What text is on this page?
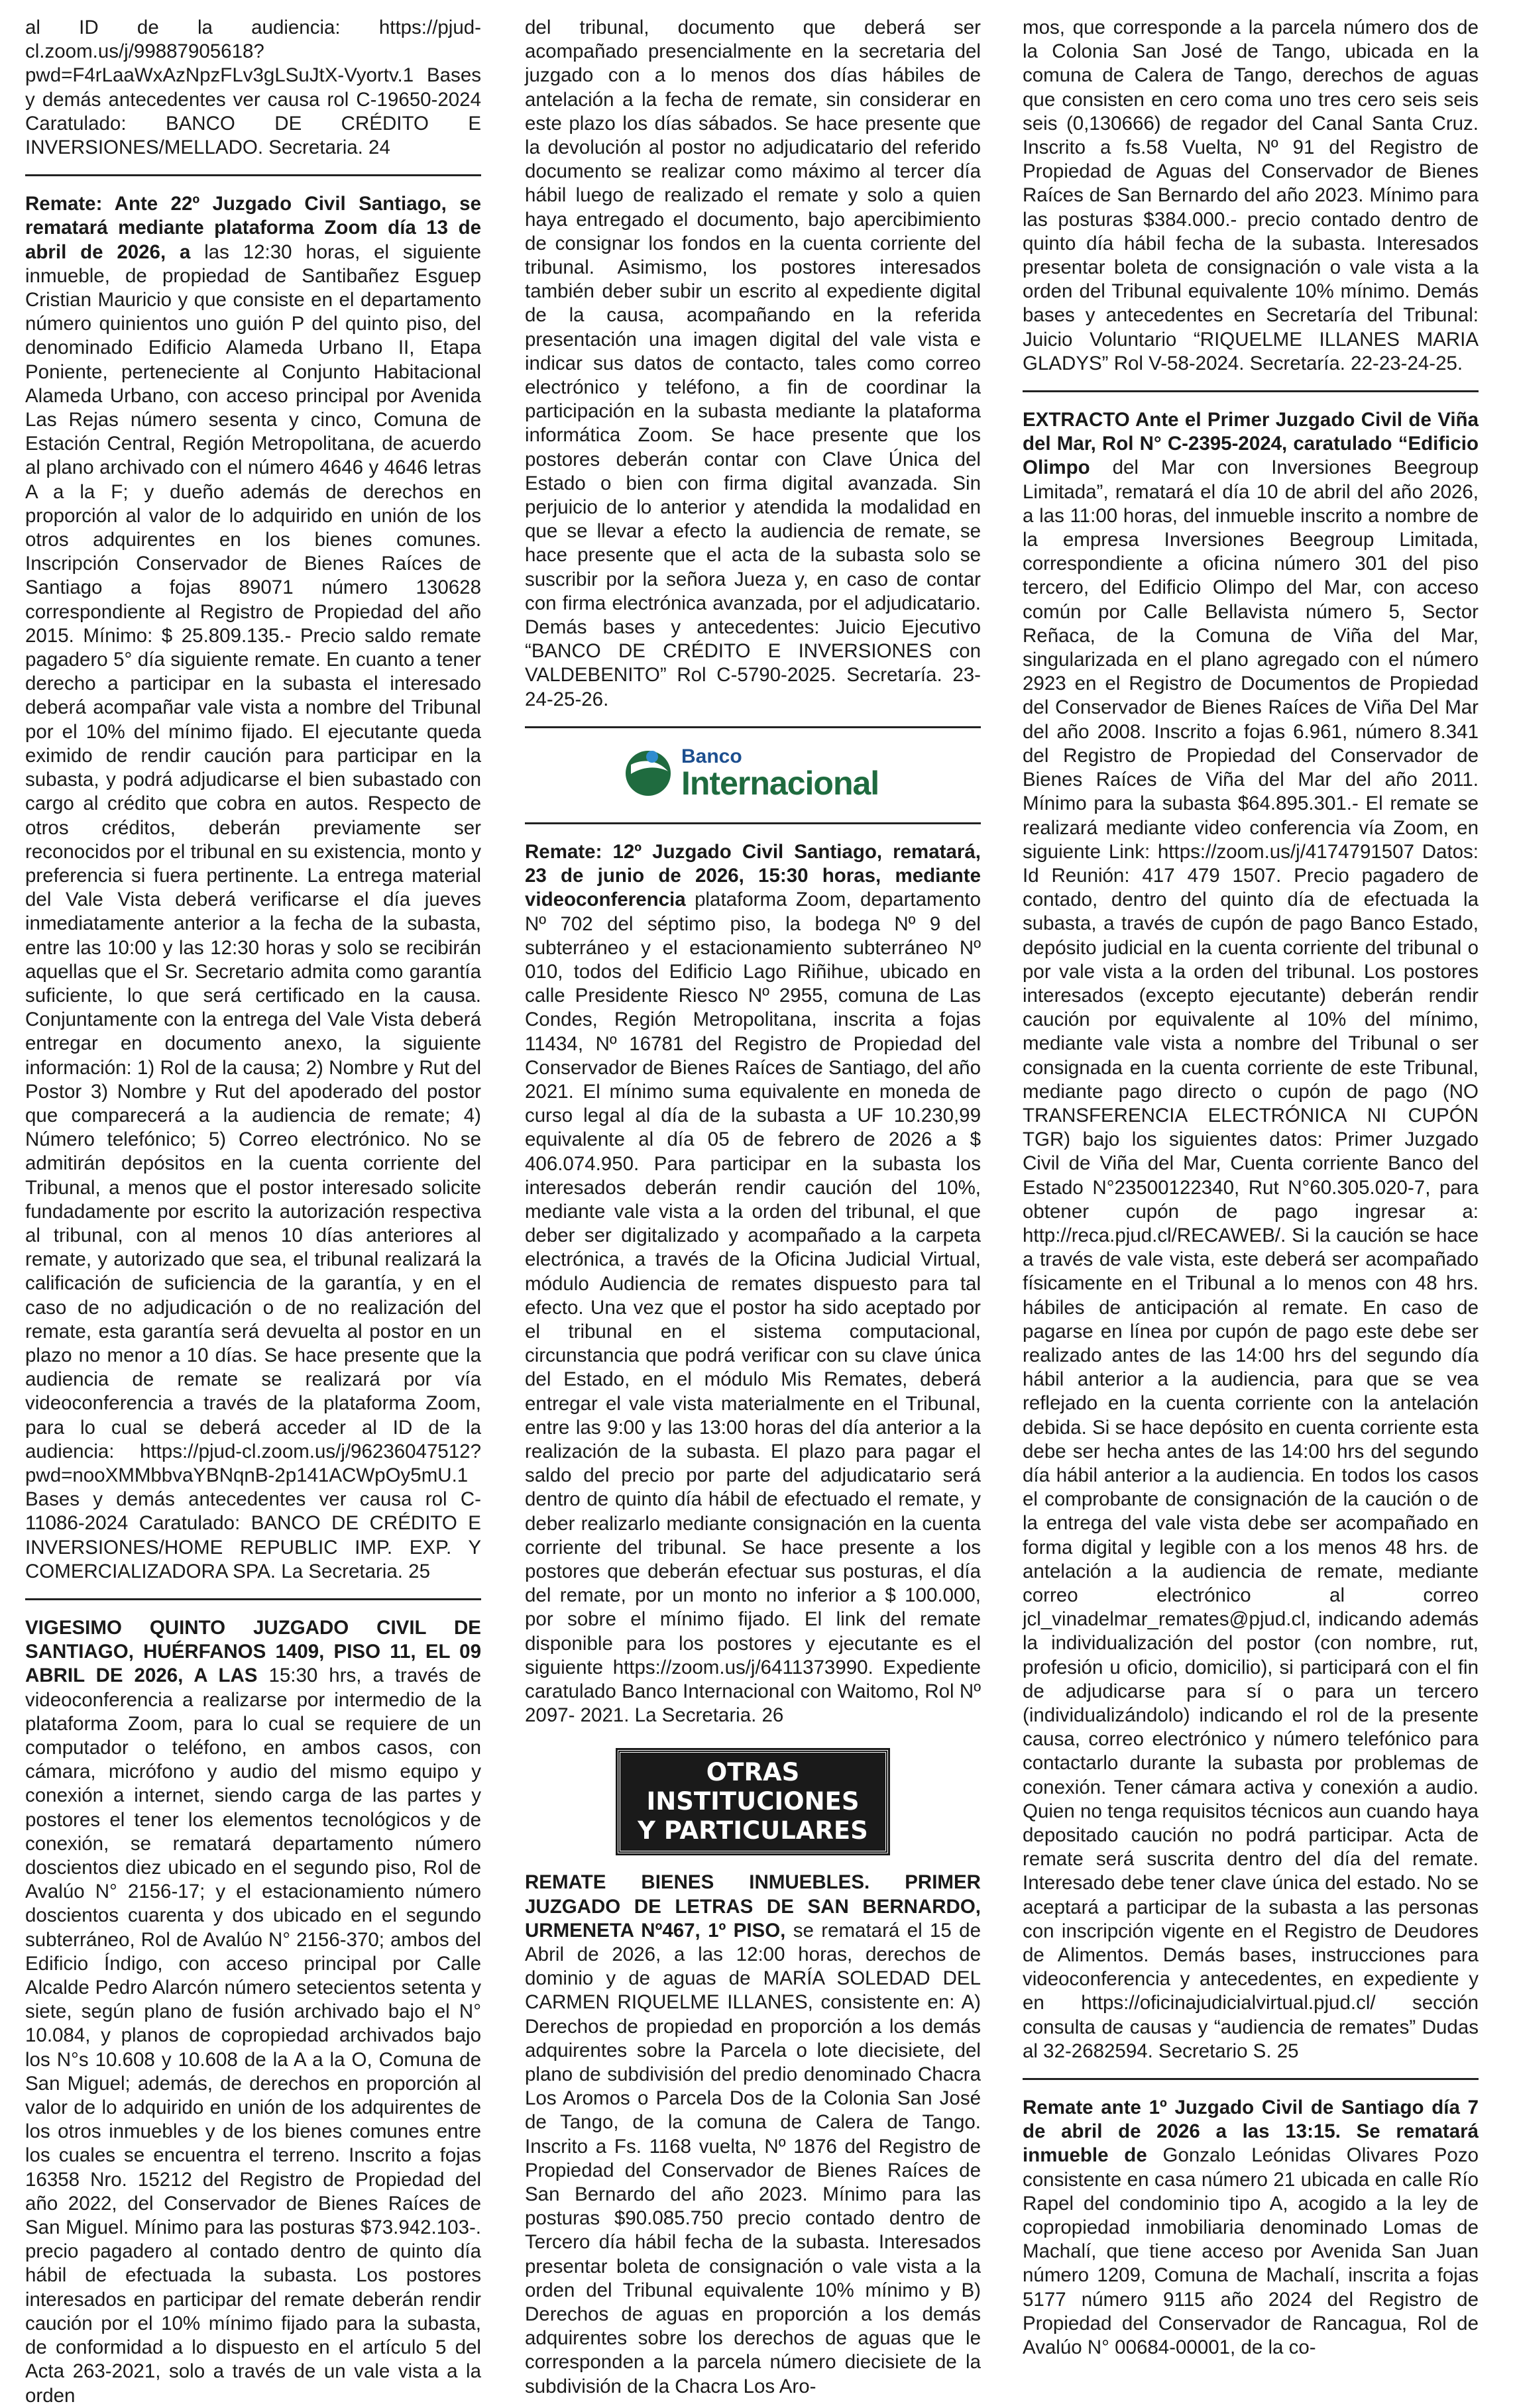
al ID de la audiencia: https://pjud-cl.zoom.us/j/99887905618?pwd=F4rLaaWxAzNpzFLv3gLSuJtX-Vyortv.1 Bases y demás antecedentes ver causa rol C-19650-2024 Caratulado: BANCO DE CRÉDITO E INVERSIONES/MELLADO. Secretaria. 24

Remate: Ante 22º Juzgado Civil Santiago, se rematará mediante plataforma Zoom día 13 de abril de 2026, a las 12:30 horas, el siguiente inmueble, de propiedad de Santibañez Esguep Cristian Mauricio y que consiste en el departamento número quinientos uno guión P del quinto piso, del denominado Edificio Alameda Urbano II, Etapa Poniente, perteneciente al Conjunto Habitacional Alameda Urbano, con acceso principal por Avenida Las Rejas número sesenta y cinco, Comuna de Estación Central, Región Metropolitana, de acuerdo al plano archivado con el número 4646 y 4646 letras A a la F; y dueño además de derechos en proporción al valor de lo adquirido en unión de los otros adquirentes en los bienes comunes. Inscripción Conservador de Bienes Raíces de Santiago a fojas 89071 número 130628 correspondiente al Registro de Propiedad del año 2015. Mínimo: $ 25.809.135.- Precio saldo remate pagadero 5° día siguiente remate. En cuanto a tener derecho a participar en la subasta el interesado deberá acompañar vale vista a nombre del Tribunal por el 10% del mínimo fijado. El ejecutante queda eximido de rendir caución para participar en la subasta, y podrá adjudicarse el bien subastado con cargo al crédito que cobra en autos. Respecto de otros créditos, deberán previamente ser reconocidos por el tribunal en su existencia, monto y preferencia si fuera pertinente. La entrega material del Vale Vista deberá verificarse el día jueves inmediatamente anterior a la fecha de la subasta, entre las 10:00 y las 12:30 horas y solo se recibirán aquellas que el Sr. Secretario admita como garantía suficiente, lo que será certificado en la causa. Conjuntamente con la entrega del Vale Vista deberá entregar en documento anexo, la siguiente información: 1) Rol de la causa; 2) Nombre y Rut del Postor 3) Nombre y Rut del apoderado del postor que comparecerá a la audiencia de remate; 4) Número telefónico; 5) Correo electrónico. No se admitirán depósitos en la cuenta corriente del Tribunal, a menos que el postor interesado solicite fundadamente por escrito la autorización respectiva al tribunal, con al menos 10 días anteriores al remate, y autorizado que sea, el tribunal realizará la calificación de suficiencia de la garantía, y en el caso de no adjudicación o de no realización del remate, esta garantía será devuelta al postor en un plazo no menor a 10 días. Se hace presente que la audiencia de remate se realizará por vía videoconferencia a través de la plataforma Zoom, para lo cual se deberá acceder al ID de la audiencia: https://pjud-cl.zoom.us/j/96236047512?pwd=nooXMMbbvaYBNqnB-2p141ACWpOy5mU.1 Bases y demás antecedentes ver causa rol C-11086-2024 Caratulado: BANCO DE CRÉDITO E INVERSIONES/HOME REPUBLIC IMP. EXP. Y COMERCIALIZADORA SPA. La Secretaria. 25

VIGESIMO QUINTO JUZGADO CIVIL DE SANTIAGO, HUÉRFANOS 1409, PISO 11, EL 09 ABRIL DE 2026, A LAS 15:30 hrs, a través de videoconferencia a realizarse por intermedio de la plataforma Zoom, para lo cual se requiere de un computador o teléfono, en ambos casos, con cámara, micrófono y audio del mismo equipo y conexión a internet, siendo carga de las partes y postores el tener los elementos tecnológicos y de conexión, se rematará departamento número doscientos diez ubicado en el segundo piso, Rol de Avalúo N° 2156-17; y el estacionamiento número doscientos cuarenta y dos ubicado en el segundo subterráneo, Rol de Avalúo N° 2156-370; ambos del Edificio Índigo, con acceso principal por Calle Alcalde Pedro Alarcón número setecientos setenta y siete, según plano de fusión archivado bajo el N° 10.084, y planos de copropiedad archivados bajo los N°s 10.608 y 10.608 de la A a la O, Comuna de San Miguel; además, de derechos en proporción al valor de lo adquirido en unión de los adquirentes de los otros inmuebles y de los bienes comunes entre los cuales se encuentra el terreno. Inscrito a fojas 16358 Nro. 15212 del Registro de Propiedad del año 2022, del Conservador de Bienes Raíces de San Miguel. Mínimo para las posturas $73.942.103-. precio pagadero al contado dentro de quinto día hábil de efectuada la subasta. Los postores interesados en participar del remate deberán rendir caución por el 10% mínimo fijado para la subasta, de conformidad a lo dispuesto en el artículo 5 del Acta 263-2021, solo a través de un vale vista a la orden

del tribunal, documento que deberá ser acompañado presencialmente en la secretaria del juzgado con a lo menos dos días hábiles de antelación a la fecha de remate, sin considerar en este plazo los días sábados. Se hace presente que la devolución al postor no adjudicatario del referido documento se realizar como máximo al tercer día hábil luego de realizado el remate y solo a quien haya entregado el documento, bajo apercibimiento de consignar los fondos en la cuenta corriente del tribunal. Asimismo, los postores interesados también deber subir un escrito al expediente digital de la causa, acompañando en la referida presentación una imagen digital del vale vista e indicar sus datos de contacto, tales como correo electrónico y teléfono, a fin de coordinar la participación en la subasta mediante la plataforma informática Zoom. Se hace presente que los postores deberán contar con Clave Única del Estado o bien con firma digital avanzada. Sin perjuicio de lo anterior y atendida la modalidad en que se llevar a efecto la audiencia de remate, se hace presente que el acta de la subasta solo se suscribir por la señora Jueza y, en caso de contar con firma electrónica avanzada, por el adjudicatario. Demás bases y antecedentes: Juicio Ejecutivo “BANCO DE CRÉDITO E INVERSIONES con VALDEBENITO” Rol C-5790-2025. Secretaría. 23-24-25-26.

Banco
Internacional

Remate: 12º Juzgado Civil Santiago, rematará, 23 de junio de 2026, 15:30 horas, mediante videoconferencia plataforma Zoom, departamento Nº 702 del séptimo piso, la bodega Nº 9 del subterráneo y el estacionamiento subterráneo Nº 010, todos del Edificio Lago Riñihue, ubicado en calle Presidente Riesco Nº 2955, comuna de Las Condes, Región Metropolitana, inscrita a fojas 11434, Nº 16781 del Registro de Propiedad del Conservador de Bienes Raíces de Santiago, del año 2021. El mínimo suma equivalente en moneda de curso legal al día de la subasta a UF 10.230,99 equivalente al día 05 de febrero de 2026 a $ 406.074.950. Para participar en la subasta los interesados deberán rendir caución del 10%, mediante vale vista a la orden del tribunal, el que deber ser digitalizado y acompañado a la carpeta electrónica, a través de la Oficina Judicial Virtual, módulo Audiencia de remates dispuesto para tal efecto. Una vez que el postor ha sido aceptado por el tribunal en el sistema computacional, circunstancia que podrá verificar con su clave única del Estado, en el módulo Mis Remates, deberá entregar el vale vista materialmente en el Tribunal, entre las 9:00 y las 13:00 horas del día anterior a la realización de la subasta. El plazo para pagar el saldo del precio por parte del adjudicatario será dentro de quinto día hábil de efectuado el remate, y deber realizarlo mediante consignación en la cuenta corriente del tribunal. Se hace presente a los postores que deberán efectuar sus posturas, el día del remate, por un monto no inferior a $ 100.000, por sobre el mínimo fijado. El link del remate disponible para los postores y ejecutante es el siguiente https://zoom.us/j/6411373990. Expediente caratulado Banco Internacional con Waitomo, Rol Nº 2097- 2021. La Secretaria. 26

OTRAS INSTITUCIONES
Y PARTICULARES

REMATE BIENES INMUEBLES. PRIMER JUZGADO DE LETRAS DE SAN BERNARDO, URMENETA Nº467, 1º PISO, se rematará el 15 de Abril de 2026, a las 12:00 horas, derechos de dominio y de aguas de MARÍA SOLEDAD DEL CARMEN RIQUELME ILLANES, consistente en: A) Derechos de propiedad en proporción a los demás adquirentes sobre la Parcela o lote diecisiete, del plano de subdivisión del predio denominado Chacra Los Aromos o Parcela Dos de la Colonia San José de Tango, de la comuna de Calera de Tango. Inscrito a Fs. 1168 vuelta, Nº 1876 del Registro de Propiedad del Conservador de Bienes Raíces de San Bernardo del año 2023. Mínimo para las posturas $90.085.750 precio contado dentro de Tercero día hábil fecha de la subasta. Interesados presentar boleta de consignación o vale vista a la orden del Tribunal equivalente 10% mínimo y B) Derechos de aguas en proporción a los demás adquirentes sobre los derechos de aguas que le corresponden a la parcela número diecisiete de la subdivisión de la Chacra Los Aro-

mos, que corresponde a la parcela número dos de la Colonia San José de Tango, ubicada en la comuna de Calera de Tango, derechos de aguas que consisten en cero coma uno tres cero seis seis seis (0,130666) de regador del Canal Santa Cruz. Inscrito a fs.58 Vuelta, Nº 91 del Registro de Propiedad de Aguas del Conservador de Bienes Raíces de San Bernardo del año 2023. Mínimo para las posturas $384.000.- precio contado dentro de quinto día hábil fecha de la subasta. Interesados presentar boleta de consignación o vale vista a la orden del Tribunal equivalente 10% mínimo. Demás bases y antecedentes en Secretaría del Tribunal: Juicio Voluntario “RIQUELME ILLANES MARIA GLADYS” Rol V-58-2024. Secretaría. 22-23-24-25.

EXTRACTO Ante el Primer Juzgado Civil de Viña del Mar, Rol N° C-2395-2024, caratulado “Edificio Olimpo del Mar con Inversiones Beegroup Limitada”, rematará el día 10 de abril del año 2026, a las 11:00 horas, del inmueble inscrito a nombre de la empresa Inversiones Beegroup Limitada, correspondiente a oficina número 301 del piso tercero, del Edificio Olimpo del Mar, con acceso común por Calle Bellavista número 5, Sector Reñaca, de la Comuna de Viña del Mar, singularizada en el plano agregado con el número 2923 en el Registro de Documentos de Propiedad del Conservador de Bienes Raíces de Viña Del Mar del año 2008. Inscrito a fojas 6.961, número 8.341 del Registro de Propiedad del Conservador de Bienes Raíces de Viña del Mar del año 2011. Mínimo para la subasta $64.895.301.- El remate se realizará mediante video conferencia vía Zoom, en siguiente Link: https://zoom.us/j/4174791507 Datos: Id Reunión: 417 479 1507. Precio pagadero de contado, dentro del quinto día de efectuada la subasta, a través de cupón de pago Banco Estado, depósito judicial en la cuenta corriente del tribunal o por vale vista a la orden del tribunal. Los postores interesados (excepto ejecutante) deberán rendir caución por equivalente al 10% del mínimo, mediante vale vista a nombre del Tribunal o ser consignada en la cuenta corriente de este Tribunal, mediante pago directo o cupón de pago (NO TRANSFERENCIA ELECTRÓNICA NI CUPÓN TGR) bajo los siguientes datos: Primer Juzgado Civil de Viña del Mar, Cuenta corriente Banco del Estado N°23500122340, Rut N°60.305.020-7, para obtener cupón de pago ingresar a: http://reca.pjud.cl/RECAWEB/. Si la caución se hace a través de vale vista, este deberá ser acompañado físicamente en el Tribunal a lo menos con 48 hrs. hábiles de anticipación al remate. En caso de pagarse en línea por cupón de pago este debe ser realizado antes de las 14:00 hrs del segundo día hábil anterior a la audiencia, para que se vea reflejado en la cuenta corriente con la antelación debida. Si se hace depósito en cuenta corriente esta debe ser hecha antes de las 14:00 hrs del segundo día hábil anterior a la audiencia. En todos los casos el comprobante de consignación de la caución o de la entrega del vale vista debe ser acompañado en forma digital y legible con a los menos 48 hrs. de antelación a la audiencia de remate, mediante correo electrónico al correo jcl_vinadelmar_remates@pjud.cl, indicando además la individualización del postor (con nombre, rut, profesión u oficio, domicilio), si participará con el fin de adjudicarse para sí o para un tercero (individualizándolo) indicando el rol de la presente causa, correo electrónico y número telefónico para contactarlo durante la subasta por problemas de conexión. Tener cámara activa y conexión a audio. Quien no tenga requisitos técnicos aun cuando haya depositado caución no podrá participar. Acta de remate será suscrita dentro del día del remate. Interesado debe tener clave única del estado. No se aceptará a participar de la subasta a las personas con inscripción vigente en el Registro de Deudores de Alimentos. Demás bases, instrucciones para videoconferencia y antecedentes, en expediente y en https://oficinajudicialvirtual.pjud.cl/ sección consulta de causas y “audiencia de remates” Dudas al 32-2682594. Secretario S. 25

Remate ante 1º Juzgado Civil de Santiago día 7 de abril de 2026 a las 13:15. Se rematará inmueble de Gonzalo Leónidas Olivares Pozo consistente en casa número 21 ubicada en calle Río Rapel del condominio tipo A, acogido a la ley de copropiedad inmobiliaria denominado Lomas de Machalí, que tiene acceso por Avenida San Juan número 1209, Comuna de Machalí, inscrita a fojas 5177 número 9115 año 2024 del Registro de Propiedad del Conservador de Rancagua, Rol de Avalúo N° 00684-00001, de la co-
